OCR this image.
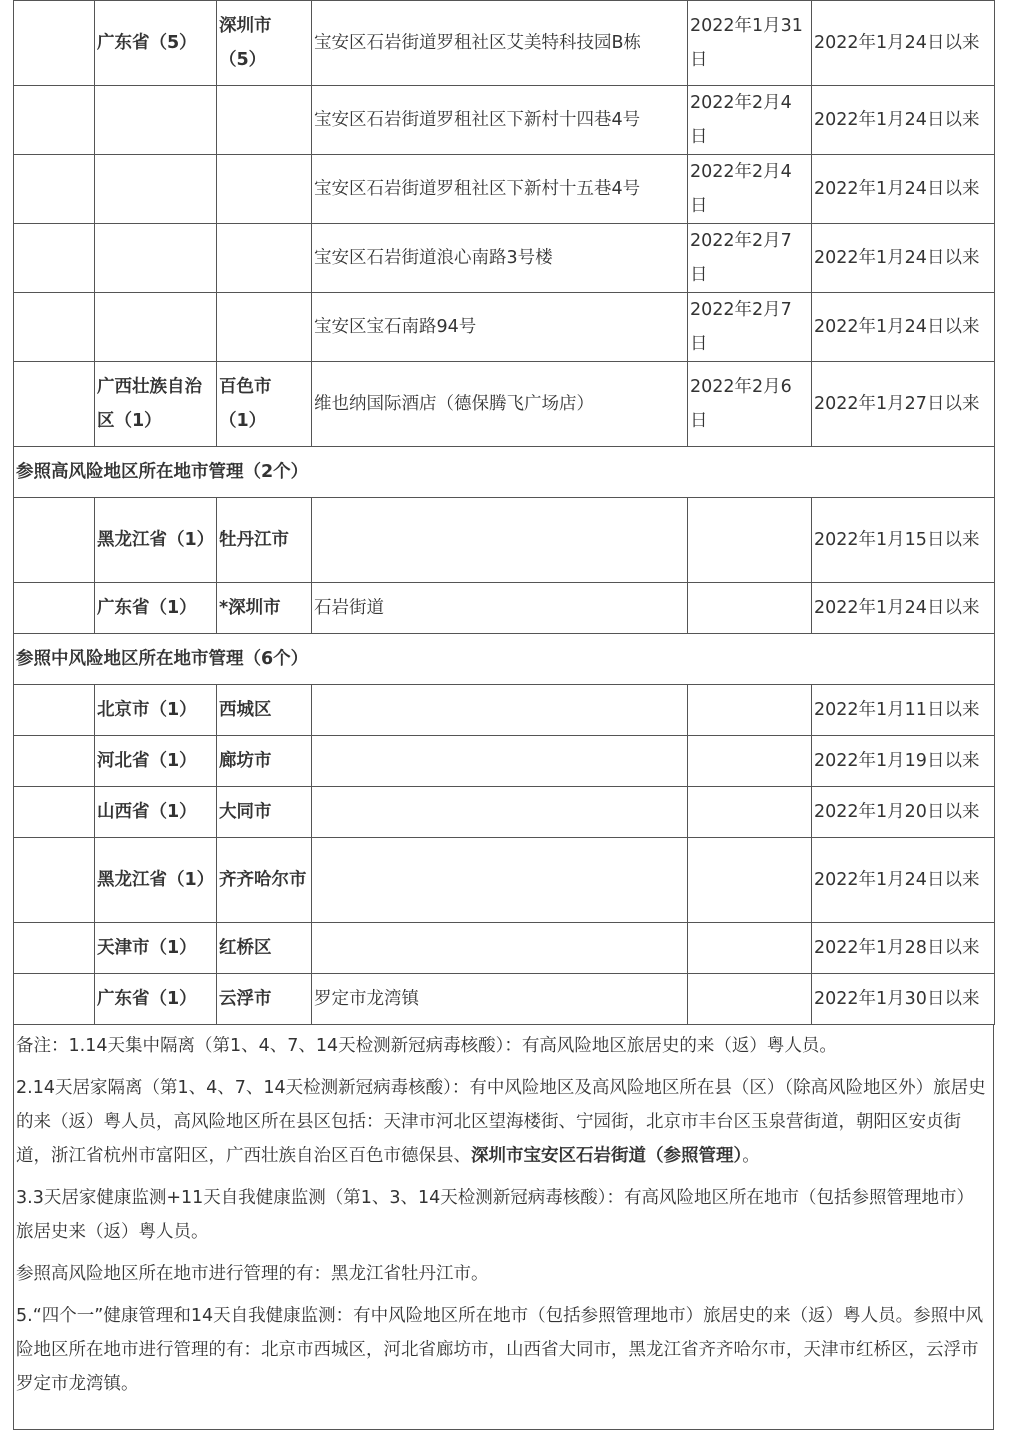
	广东省（5）	深圳市（5）	宝安区石岩街道罗租社区艾美特科技园B栋	2022年1月31日	2022年1月24日以来
			宝安区石岩街道罗租社区下新村十四巷4号	2022年2月4日	2022年1月24日以来
			宝安区石岩街道罗租社区下新村十五巷4号	2022年2月4日	2022年1月24日以来
			宝安区石岩街道浪心南路3号楼	2022年2月7日	2022年1月24日以来
			宝安区宝石南路94号	2022年2月7日	2022年1月24日以来
	广西壮族自治区（1）	百色市（1）	维也纳国际酒店（德保腾飞广场店）	2022年2月6日	2022年1月27日以来
参照高风险地区所在地市管理（2个）					
	黑龙江省（1）	牡丹江市			2022年1月15日以来
	广东省（1）	*深圳市	石岩街道		2022年1月24日以来
参照中风险地区所在地市管理（6个）					
	北京市（1）	西城区			2022年1月11日以来
	河北省（1）	廊坊市			2022年1月19日以来
	山西省（1）	大同市			2022年1月20日以来
	黑龙江省（1）	齐齐哈尔市			2022年1月24日以来
	天津市（1）	红桥区			2022年1月28日以来
	广东省（1）	云浮市	罗定市龙湾镇		2022年1月30日以来

备注：1.14天集中隔离（第1、4、7、14天检测新冠病毒核酸）：有高风险地区旅居史的来（返）粤人员。

2.14天居家隔离（第1、4、7、14天检测新冠病毒核酸）：有中风险地区及高风险地区所在县（区）（除高风险地区外）旅居史的来（返）粤人员，高风险地区所在县区包括：天津市河北区望海楼街、宁园街，北京市丰台区玉泉营街道，朝阳区安贞街道，浙江省杭州市富阳区，广西壮族自治区百色市德保县、深圳市宝安区石岩街道（参照管理）。

3.3天居家健康监测+11天自我健康监测（第1、3、14天检测新冠病毒核酸）：有高风险地区所在地市（包括参照管理地市）旅居史来（返）粤人员。

参照高风险地区所在地市进行管理的有：黑龙江省牡丹江市。

5.“四个一”健康管理和14天自我健康监测：有中风险地区所在地市（包括参照管理地市）旅居史的来（返）粤人员。参照中风险地区所在地市进行管理的有：北京市西城区，河北省廊坊市，山西省大同市，黑龙江省齐齐哈尔市，天津市红桥区，云浮市罗定市龙湾镇。
